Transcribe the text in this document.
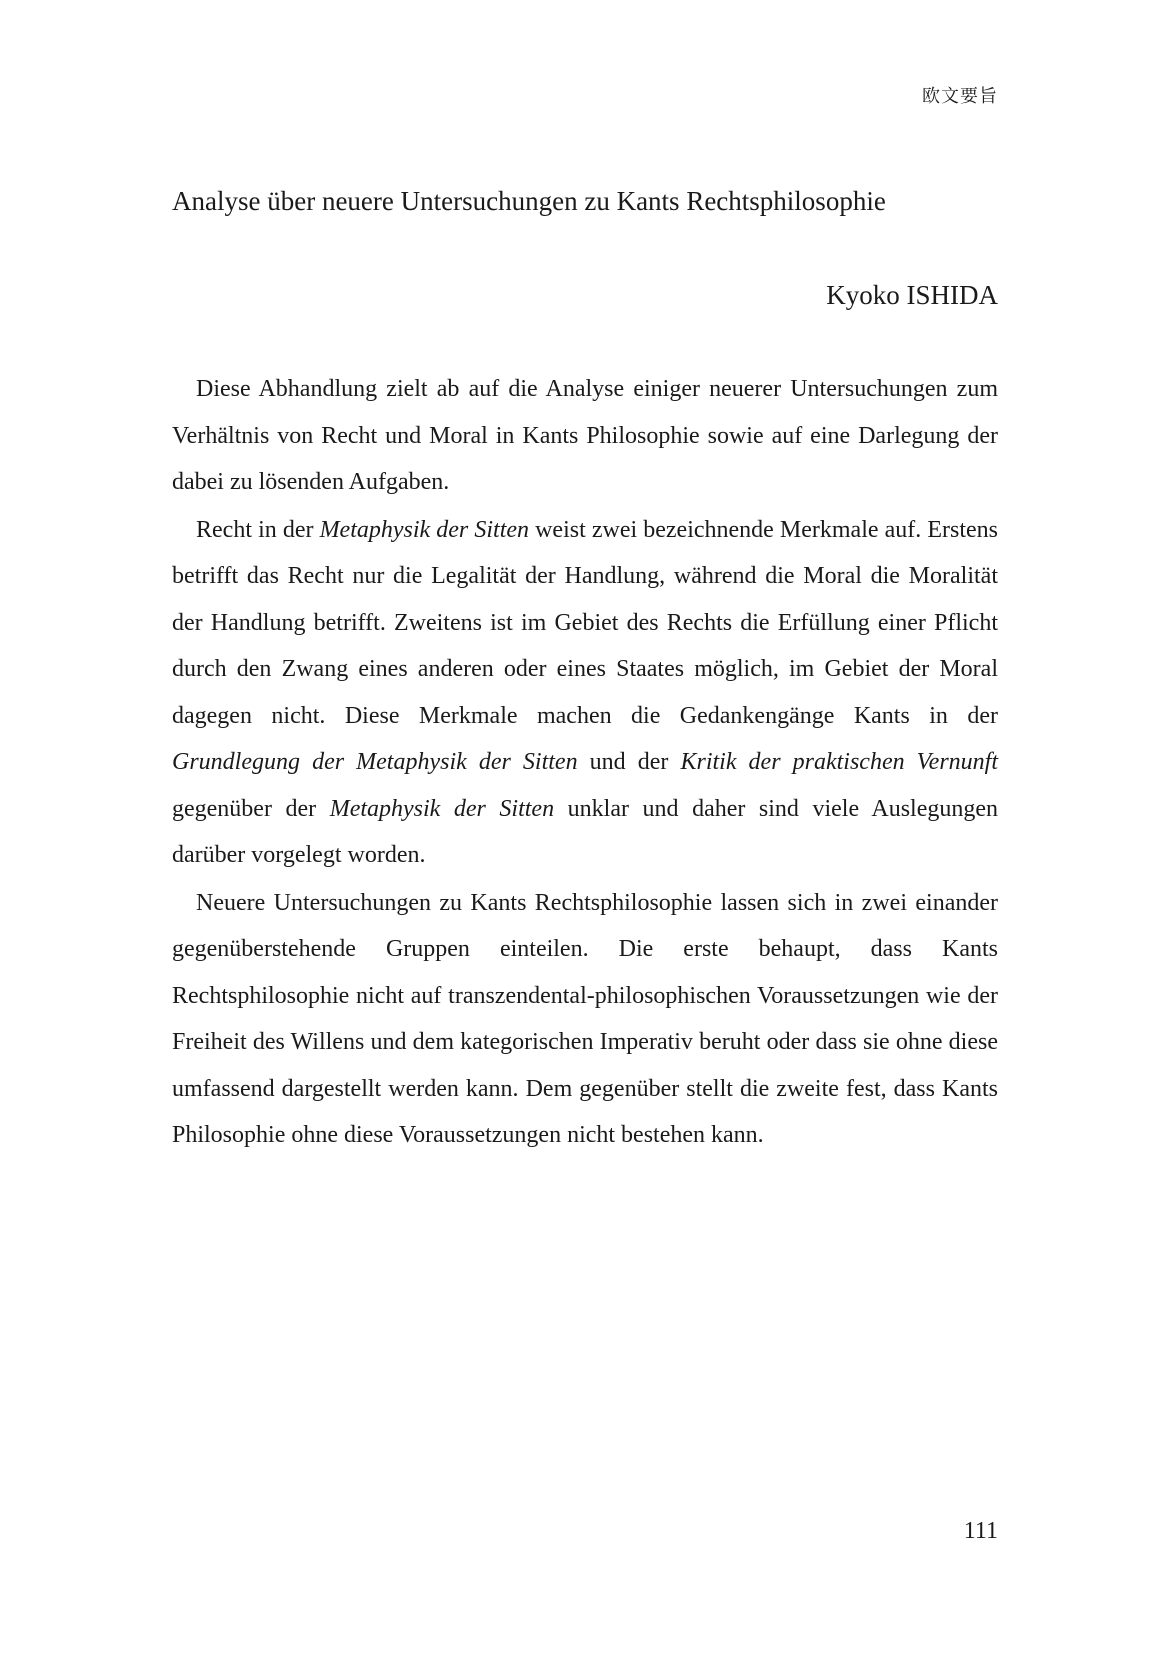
欧文要旨
Analyse über neuere Untersuchungen zu Kants Rechtsphilosophie
Kyoko ISHIDA

Diese Abhandlung zielt ab auf die Analyse einiger neuerer Untersuchungen zum Verhältnis von Recht und Moral in Kants Philosophie sowie auf eine Darlegung der dabei zu lösenden Aufgaben.

Recht in der Metaphysik der Sitten weist zwei bezeichnende Merkmale auf. Erstens betrifft das Recht nur die Legalität der Handlung, während die Moral die Moralität der Handlung betrifft. Zweitens ist im Gebiet des Rechts die Erfüllung einer Pflicht durch den Zwang eines anderen oder eines Staates möglich, im Gebiet der Moral dagegen nicht. Diese Merkmale machen die Gedankengänge Kants in der Grundlegung der Metaphysik der Sitten und der Kritik der praktischen Vernunft gegenüber der Metaphysik der Sitten unklar und daher sind viele Auslegungen darüber vorgelegt worden.

Neuere Untersuchungen zu Kants Rechtsphilosophie lassen sich in zwei einander gegenüberstehende Gruppen einteilen. Die erste behaupt, dass Kants Rechtsphilosophie nicht auf transzendental-philosophischen Voraussetzungen wie der Freiheit des Willens und dem kategorischen Imperativ beruht oder dass sie ohne diese umfassend dargestellt werden kann. Dem gegenüber stellt die zweite fest, dass Kants Philosophie ohne diese Voraussetzungen nicht bestehen kann.

111
